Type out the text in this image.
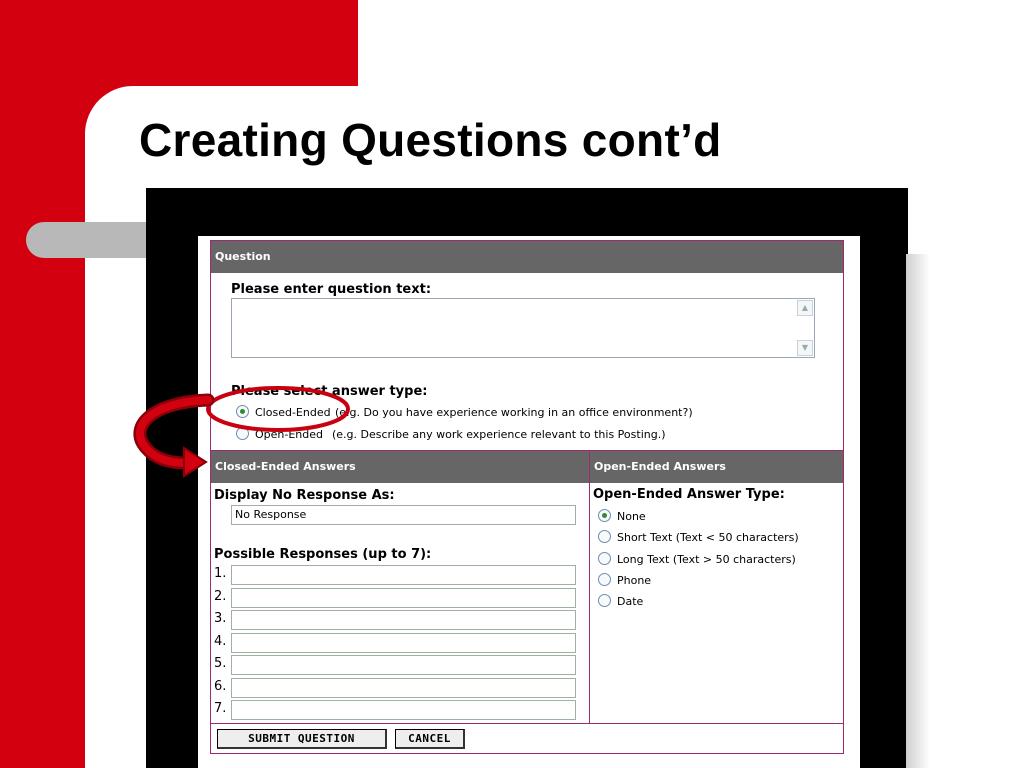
Creating Questions cont’d
Question
Please enter question text:
▲
▼
Please select answer type:
Closed-Ended (e.g. Do you have experience working in an office environment?)
Open-Ended (e.g. Describe any work experience relevant to this Posting.)
Closed-Ended Answers
Display No Response As:
No Response
Possible Responses (up to 7):
1.
2.
3.
4.
5.
6.
7.
Open-Ended Answers
Open-Ended Answer Type:
None
Short Text (Text < 50 characters)
Long Text (Text > 50 characters)
Phone
Date
SUBMIT QUESTION	CANCEL
